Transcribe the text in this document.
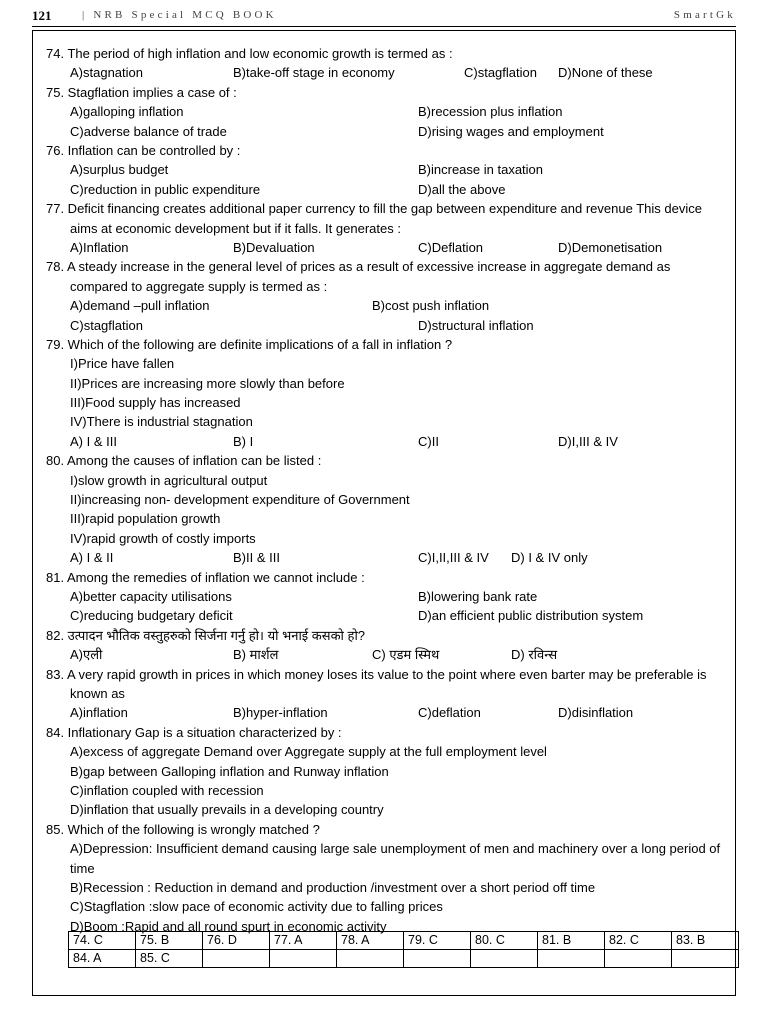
121	| NRB Special MCQ BOOK	SmartGk
74. The period of high inflation and low economic growth is termed as :
A)stagnation	B)take-off stage in economy	C)stagflation D)None of these
75. Stagflation implies a case of :
A)galloping inflation	B)recession plus inflation
C)adverse balance of trade	D)rising wages and employment
76. Inflation can be controlled by :
A)surplus budget	B)increase in taxation
C)reduction in public expenditure	D)all the above
77. Deficit financing creates additional paper currency to fill the gap between expenditure and revenue This device aims at economic development but if it falls. It generates :
A)Inflation	B)Devaluation	C)Deflation	D)Demonetisation
78. A steady increase in the general level of prices as a result of excessive increase in aggregate demand as compared to aggregate supply is termed as :
A)demand –pull inflation	B)cost push inflation
C)stagflation	D)structural inflation
79. Which of the following are definite implications of a fall in inflation ?
I)Price have fallen
II)Prices are increasing more slowly than before
III)Food supply has increased
IV)There is industrial stagnation
A) I & III	B) I	C)II	D)I,III & IV
80. Among the causes of inflation can be listed :
I)slow growth in agricultural output
II)increasing non- development expenditure of Government
III)rapid population growth
IV)rapid growth of costly imports
A) I & II	B)II & III	C)I,II,III & IV D) I & IV only
81. Among the remedies of inflation we cannot include :
A)better capacity utilisations	B)lowering bank rate
C)reducing budgetary deficit	D)an efficient public distribution system
82. उत्पादन भौतिक वस्तुहरुको सिर्जना गर्नु हो। यो भनाई कसको हो?
A)एली	B) मार्शल	C) एडम स्मिथ	D) रविन्स
83. A very rapid growth in prices in which money loses its value to the point where even barter may be preferable is known as
A)inflation	B)hyper-inflation	C)deflation	D)disinflation
84. Inflationary Gap is a situation characterized by :
A)excess of aggregate Demand over Aggregate supply at the full employment level
B)gap between Galloping inflation and Runway inflation
C)inflation coupled with recession
D)inflation that usually prevails in a developing country
85. Which of the following is wrongly matched ?
A)Depression: Insufficient demand causing large sale unemployment of men and machinery over a long period of time
B)Recession : Reduction in demand and production /investment over a short period off time
C)Stagflation :slow pace of economic activity due to falling prices
D)Boom :Rapid and all round spurt in economic activity
74. C	75. B	76. D	77. A	78. A	79. C	80. C	81. B	82. C	83. B
84. A	85. C								
